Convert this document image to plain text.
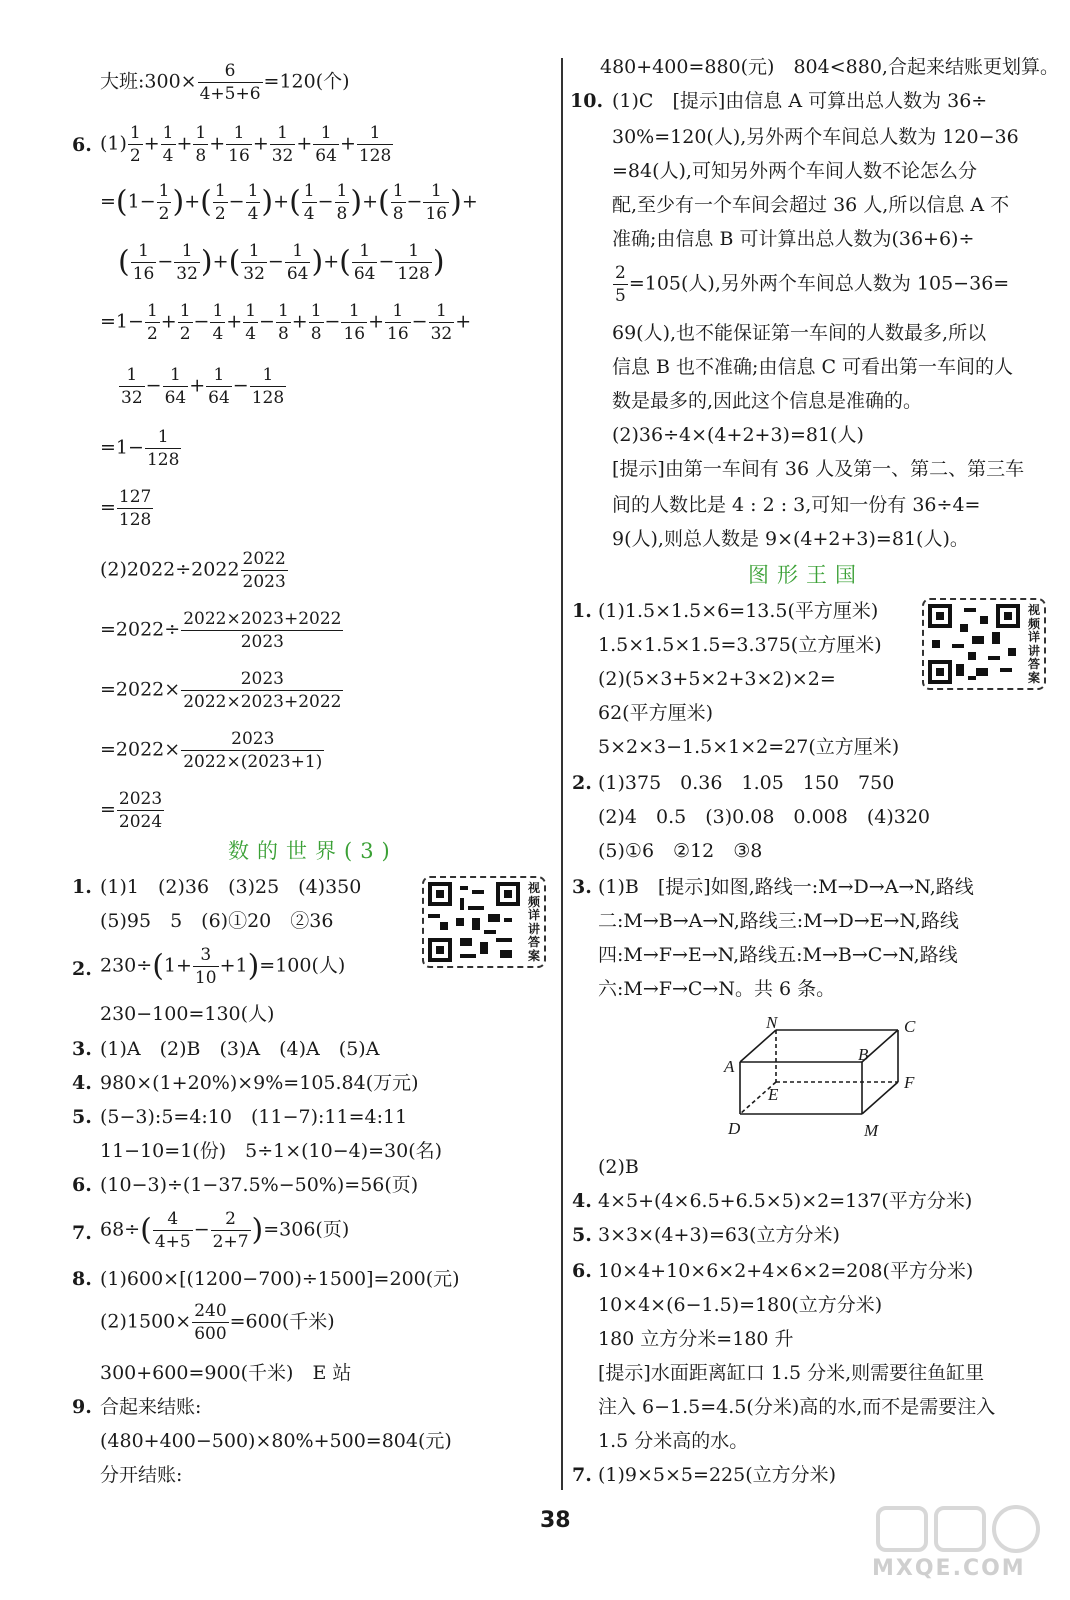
大班:300× $\frac{6}{4+5+6} =120$(个)
6. $(1) \frac{1}{2} + \frac{1}{4} + \frac{1}{8} + \frac{1}{16} + \frac{1}{32} + \frac{1}{64} + \frac{1}{128}$
$=(1- \frac{1}{2}$ )+( $\frac{1}{2} - \frac{1}{4}$ )+( $\frac{1}{4} - \frac{1}{8}$ )+( $\frac{1}{8} - \frac{1}{16}$ )+
( $\frac{1}{16} - \frac{1}{32}$ )+( $\frac{1}{32} - \frac{1}{64}$ )+( $\frac{1}{64} - \frac{1}{128}$ )
$=1- \frac{1}{2} + \frac{1}{2} - \frac{1}{4} + \frac{1}{4} - \frac{1}{8} + \frac{1}{8} - \frac{1}{16} + \frac{1}{16} - \frac{1}{32}$ +
$\frac{1}{32} - \frac{1}{64} + \frac{1}{64} - \frac{1}{128}$
$=1- \frac{1}{128}$
= $\frac{127}{128}$
$(2)2022\div 2022 \frac{2022}{2023}$
$=2022\div \frac{2022\times 2023+2022}{2023}$
$=2022\times \frac{2023}{2022\times 2023+2022}$
$=2022\times \frac{2023}{2022\times(2023+1)}$
= $\frac{2023}{2024}$
数的世界(3)
视频详讲答案
1. (1)1　(2)36　(3)25　(4)350
(5)95　5　(6)①20　②36
2. $230\div(1+ \frac{3}{10} +1)=100$(人)
230−100=130(人)
3. (1)A　(2)B　(3)A　(4)A　(5)A
4. 980×(1+20%)×9%=105.84(万元)
5. (5−3):5=4:10　(11−7):11=4:11
11−10=1(份)　5÷1×(10−4)=30(名)
6. (10−3)÷(1−37.5%−50%)=56(页)
7. $68\div( \frac{4}{4+5} - \frac{2}{2+7} )=306$(页)
8. (1)600×[(1200−700)÷1500]=200(元)
$(2)1500\times \frac{240}{600} =600$(千米)
300+600=900(千米)　E 站
9. 合起来结账:
(480+400−500)×80%+500=804(元)
分开结账:
480+400=880(元)　804<880,合起来结账更划算。
10. (1)C　[提示]由信息 A 可算出总人数为 36÷
30%=120(人),另外两个车间总人数为 120−36
=84(人),可知另外两个车间人数不论怎么分
配,至少有一个车间会超过 36 人,所以信息 A 不
准确;由信息 B 可计算出总人数为(36+6)÷
$\frac{2}{5} =105$(人),另外两个车间总人数为 105−36=
69(人),也不能保证第一车间的人数最多,所以
信息 B 也不准确;由信息 C 可看出第一车间的人
数是最多的,因此这个信息是准确的。
(2)36÷4×(4+2+3)=81(人)
[提示]由第一车间有 36 人及第一、第二、第三车
间的人数比是 4 : 2 : 3,可知一份有 36÷4=
9(人),则总人数是 9×(4+2+3)=81(人)。
图形王国
视频详讲答案
1. (1)1.5×1.5×6=13.5(平方厘米)
1.5×1.5×1.5=3.375(立方厘米)
(2)(5×3+5×2+3×2)×2=
62(平方厘米)
5×2×3−1.5×1×2=27(立方厘米)
2. (1)375　0.36　1.05　150　750
(2)4　0.5　(3)0.08　0.008　(4)320
(5)①6　②12　③8
3. (1)B　[提示]如图,路线一:M→D→A→N,路线
二:M→B→A→N,路线三:M→D→E→N,路线
四:M→F→E→N,路线五:M→B→C→N,路线
六:M→F→C→N。共 6 条。
N	C
A
B
E
F
D	M
(2)B
4. 4×5+(4×6.5+6.5×5)×2=137(平方分米)
5. 3×3×(4+3)=63(立方分米)
6. 10×4+10×6×2+4×6×2=208(平方分米)
10×4×(6−1.5)=180(立方分米)
180 立方分米=180 升
[提示]水面距离缸口 1.5 分米,则需要往鱼缸里
注入 6−1.5=4.5(分米)高的水,而不是需要注入
1.5 分米高的水。
7. (1)9×5×5=225(立方分米)
38
MXQE.COM
